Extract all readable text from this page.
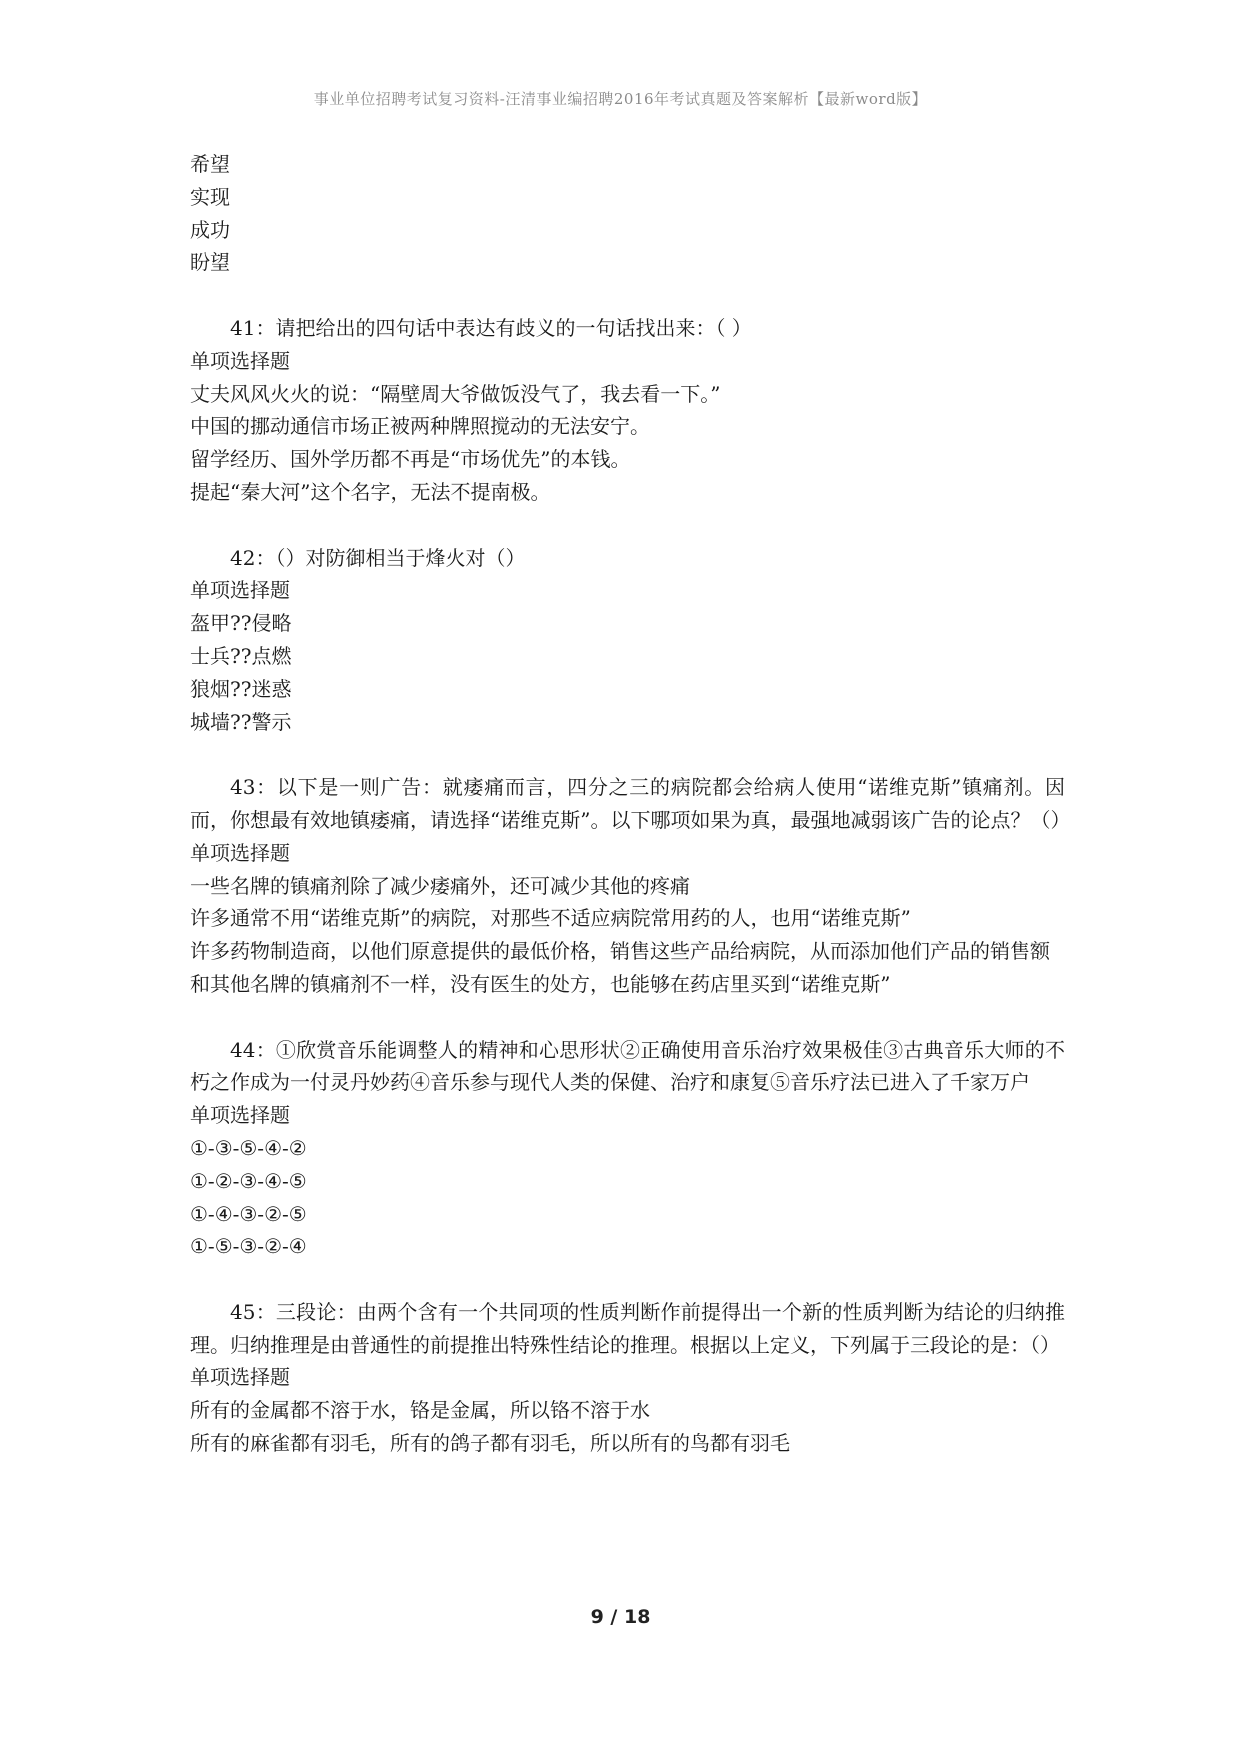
事业单位招聘考试复习资料-汪清事业编招聘2016年考试真题及答案解析【最新word版】
希望
实现
成功
盼望
41：请把给出的四句话中表达有歧义的一句话找出来：（ ）
单项选择题
丈夫风风火火的说：“隔壁周大爷做饭没气了，我去看一下。”
中国的挪动通信市场正被两种牌照搅动的无法安宁。
留学经历、国外学历都不再是“市场优先”的本钱。
提起“秦大河”这个名字，无法不提南极。
42：（）对防御相当于烽火对（）
单项选择题
盔甲??侵略
士兵??点燃
狼烟??迷惑
城墙??警示
43：以下是一则广告：就痿痛而言，四分之三的病院都会给病人使用“诺维克斯”镇痛剂。因而，你想最有效地镇痿痛，请选择“诺维克斯”。以下哪项如果为真，最强地减弱该广告的论点？（）
单项选择题
一些名牌的镇痛剂除了减少痿痛外，还可减少其他的疼痛
许多通常不用“诺维克斯”的病院，对那些不适应病院常用药的人，也用“诺维克斯”
许多药物制造商，以他们原意提供的最低价格，销售这些产品给病院，从而添加他们产品的销售额
和其他名牌的镇痛剂不一样，没有医生的处方，也能够在药店里买到“诺维克斯”
44：①欣赏音乐能调整人的精神和心思形状②正确使用音乐治疗效果极佳③古典音乐大师的不朽之作成为一付灵丹妙药④音乐参与现代人类的保健、治疗和康复⑤音乐疗法已进入了千家万户
单项选择题
①-③-⑤-④-②
①-②-③-④-⑤
①-④-③-②-⑤
①-⑤-③-②-④
45：三段论：由两个含有一个共同项的性质判断作前提得出一个新的性质判断为结论的归纳推理。归纳推理是由普通性的前提推出特殊性结论的推理。根据以上定义，下列属于三段论的是：（）
单项选择题
所有的金属都不溶于水，铬是金属，所以铬不溶于水
所有的麻雀都有羽毛，所有的鸽子都有羽毛，所以所有的鸟都有羽毛
9 / 18
